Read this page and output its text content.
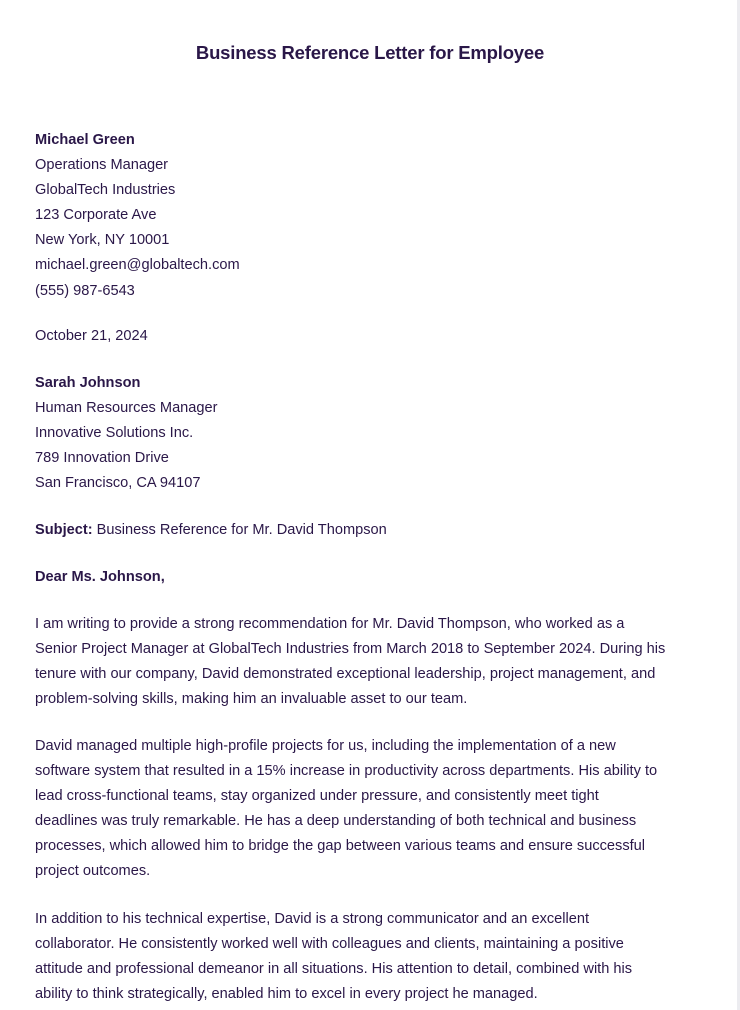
Business Reference Letter for Employee
Michael Green
Operations Manager
GlobalTech Industries
123 Corporate Ave
New York, NY 10001
michael.green@globaltech.com
(555) 987-6543
October 21, 2024
Sarah Johnson
Human Resources Manager
Innovative Solutions Inc.
789 Innovation Drive
San Francisco, CA 94107
Subject: Business Reference for Mr. David Thompson
Dear Ms. Johnson,
I am writing to provide a strong recommendation for Mr. David Thompson, who worked as a
Senior Project Manager at GlobalTech Industries from March 2018 to September 2024. During his
tenure with our company, David demonstrated exceptional leadership, project management, and
problem-solving skills, making him an invaluable asset to our team.
David managed multiple high-profile projects for us, including the implementation of a new
software system that resulted in a 15% increase in productivity across departments. His ability to
lead cross-functional teams, stay organized under pressure, and consistently meet tight
deadlines was truly remarkable. He has a deep understanding of both technical and business
processes, which allowed him to bridge the gap between various teams and ensure successful
project outcomes.
In addition to his technical expertise, David is a strong communicator and an excellent
collaborator. He consistently worked well with colleagues and clients, maintaining a positive
attitude and professional demeanor in all situations. His attention to detail, combined with his
ability to think strategically, enabled him to excel in every project he managed.
